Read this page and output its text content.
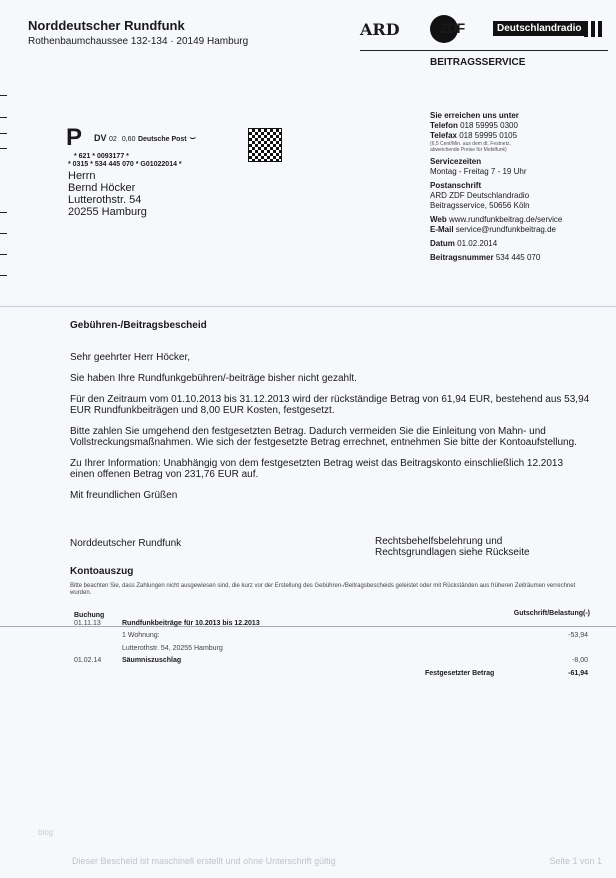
Norddeutscher Rundfunk
Rothenbaumchaussee 132-134 · 20149 Hamburg
ARD	ZDF	Deutschlandradio
BEITRAGSSERVICE
P DV 02 0,60 Deutsche Post ⌣
* 621 * 0093177 *
* 0315 * 534 445 070 * G01022014 *
Herrn
Bernd Höcker
Lutterothstr. 54
20255 Hamburg
Sie erreichen uns unter
Telefon 018 59995 0300
Telefax 018 59995 0105
(6,5 Cent/Min. aus dem dt. Festnetz,
abweichende Preise für Mobilfunk)
Servicezeiten
Montag - Freitag 7 - 19 Uhr
Postanschrift
ARD ZDF Deutschlandradio
Beitragsservice, 50656 Köln
Web www.rundfunkbeitrag.de/service
E-Mail service@rundfunkbeitrag.de
Datum 01.02.2014
Beitragsnummer 534 445 070
Gebühren-/Beitragsbescheid

Sehr geehrter Herr Höcker,

Sie haben Ihre Rundfunkgebühren/-beiträge bisher nicht gezahlt.

Für den Zeitraum vom 01.10.2013 bis 31.12.2013 wird der rückständige Betrag von 61,94 EUR, bestehend aus 53,94 EUR Rundfunkbeiträgen und 8,00 EUR Kosten, festgesetzt.

Bitte zahlen Sie umgehend den festgesetzten Betrag. Dadurch vermeiden Sie die Einleitung von Mahn- und Vollstreckungsmaßnahmen. Wie sich der festgesetzte Betrag errechnet, entnehmen Sie bitte der Kontoaufstellung.

Zu Ihrer Information: Unabhängig von dem festgesetzten Betrag weist das Beitragskonto einschließlich 12.2013 einen offenen Betrag von 231,76 EUR auf.

Mit freundlichen Grüßen

Norddeutscher Rundfunk	Rechtsbehelfsbelehrung und
Rechtsgrundlagen siehe Rückseite
Kontoauszug
Bitte beachten Sie, dass Zahlungen nicht ausgewiesen sind, die kurz vor der Erstellung des Gebühren-/Beitragsbescheids geleistet oder mit Rückständen aus früheren Zeiträumen verrechnet wurden.
Buchung	Gutschrift/Belastung(-)
01.11.13	Rundfunkbeiträge für 10.2013 bis 12.2013
1 Wohnung:	-53,94
Lutterothstr. 54, 20255 Hamburg
01.02.14	Säumniszuschlag	-8,00
Festgesetzter Betrag	-61,94
blog
Dieser Bescheid ist maschinell erstellt und ohne Unterschrift gültig	Seite 1 von 1
